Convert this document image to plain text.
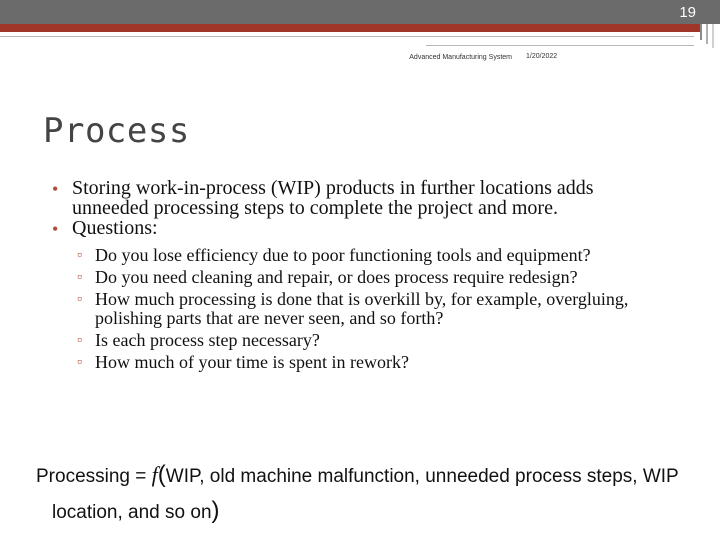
19
Advanced Manufacturing System 1/20/2022
Process
• Storing work-in-process (WIP) products in further locations adds unneeded processing steps to complete the project and more.
• Questions:
▫ Do you lose efficiency due to poor functioning tools and equipment?
▫ Do you need cleaning and repair, or does process require redesign?
▫ How much processing is done that is overkill by, for example, overgluing, polishing parts that are never seen, and so forth?
▫ Is each process step necessary?
▫ How much of your time is spent in rework?
Processing = f(WIP, old machine malfunction, unneeded process steps, WIP
location, and so on)
